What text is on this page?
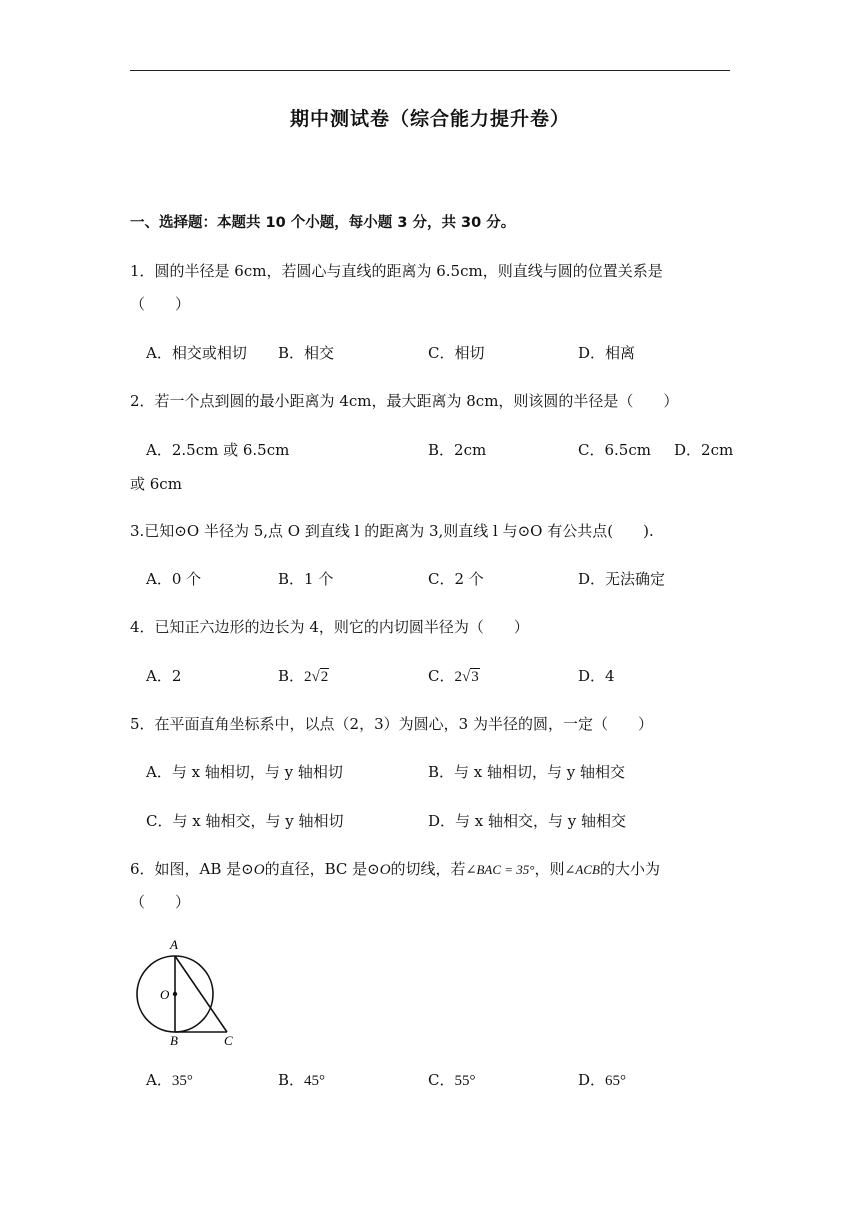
期中测试卷（综合能力提升卷）
一、选择题：本题共 10 个小题，每小题 3 分，共 30 分。
1．圆的半径是 6cm，若圆心与直线的距离为 6.5cm，则直线与圆的位置关系是
（　　）
A．相交或相切 B．相交	C．相切	D．相离
2．若一个点到圆的最小距离为 4cm，最大距离为 8cm，则该圆的半径是（　　）
A．2.5cm 或 6.5cm	B．2cm	C．6.5cm D．2cm
或 6cm
3.已知⊙O 半径为 5,点 O 到直线 l 的距离为 3,则直线 l 与⊙O 有公共点(　　).
A．0 个	B．1 个	C．2 个	D．无法确定
4．已知正六边形的边长为 4，则它的内切圆半径为（　　）
A．2	B．2√2	C．2√3	D．4
5．在平面直角坐标系中，以点（2，3）为圆心，3 为半径的圆，一定（　　）
A．与 x 轴相切，与 y 轴相切	B．与 x 轴相切，与 y 轴相交
C．与 x 轴相交，与 y 轴相切	D．与 x 轴相交，与 y 轴相交
6．如图，AB 是⊙O的直径，BC 是⊙O的切线，若∠BAC = 35°，则∠ACB的大小为
（　　）
A
O
B	C
A．35°	B．45°	C．55°	D．65°
